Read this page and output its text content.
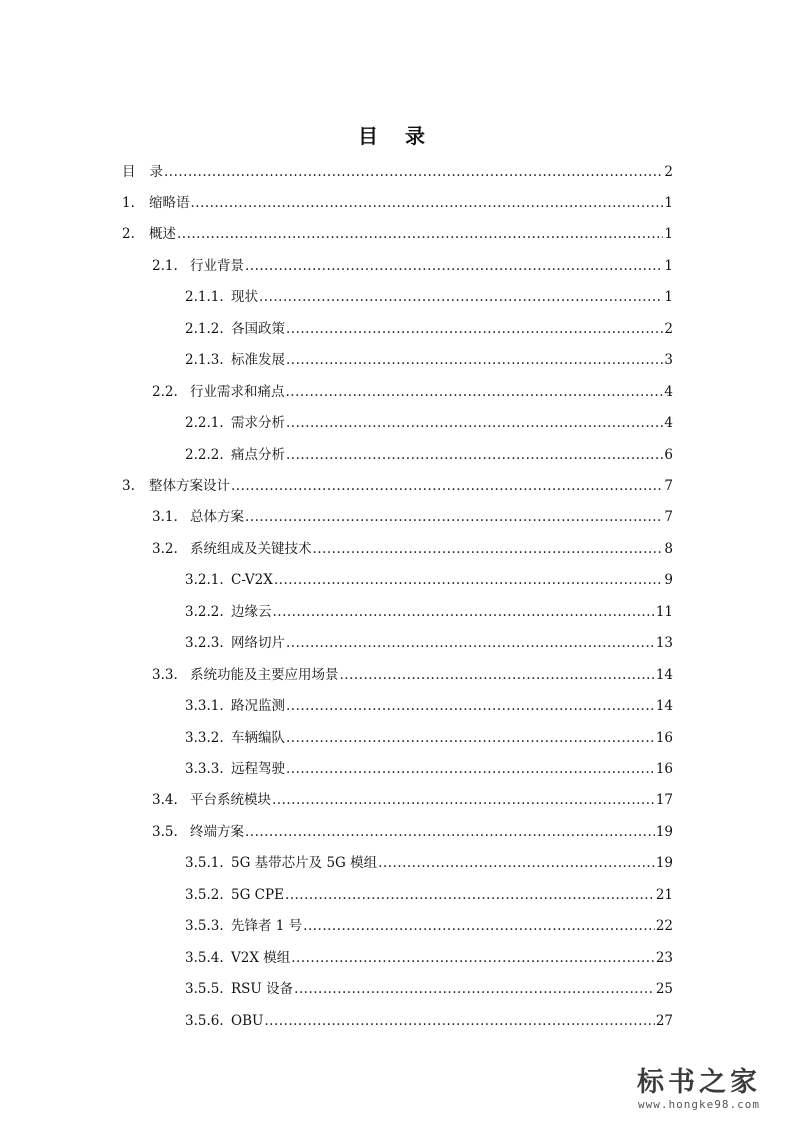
目 录
目 录 .....	2
1.	缩略语 .....	1
2.	概述 .....	1
2.1. 行业背景 .....	1
2.1.1. 现状 .....	1
2.1.2. 各国政策 .....	2
2.1.3. 标准发展 .....	3
2.2. 行业需求和痛点 .....	4
2.2.1. 需求分析 .....	4
2.2.2. 痛点分析 .....	6
3.	整体方案设计 .....	7
3.1. 总体方案 .....	7
3.2. 系统组成及关键技术 .....	8
3.2.1. C-V2X .....	9
3.2.2. 边缘云 .....	11
3.2.3. 网络切片 .....	13
3.3. 系统功能及主要应用场景 .....	14
3.3.1. 路况监测 .....	14
3.3.2. 车辆编队 .....	16
3.3.3. 远程驾驶 .....	16
3.4. 平台系统模块 .....	17
3.5. 终端方案 .....	19
3.5.1. 5G 基带芯片及 5G 模组 .....	19
3.5.2. 5G CPE .....	21
3.5.3. 先锋者 1 号 .....	22
3.5.4. V2X 模组 .....	23
3.5.5. RSU 设备 .....	25
3.5.6. OBU .....	27
标书之家
www.hongke98.com
